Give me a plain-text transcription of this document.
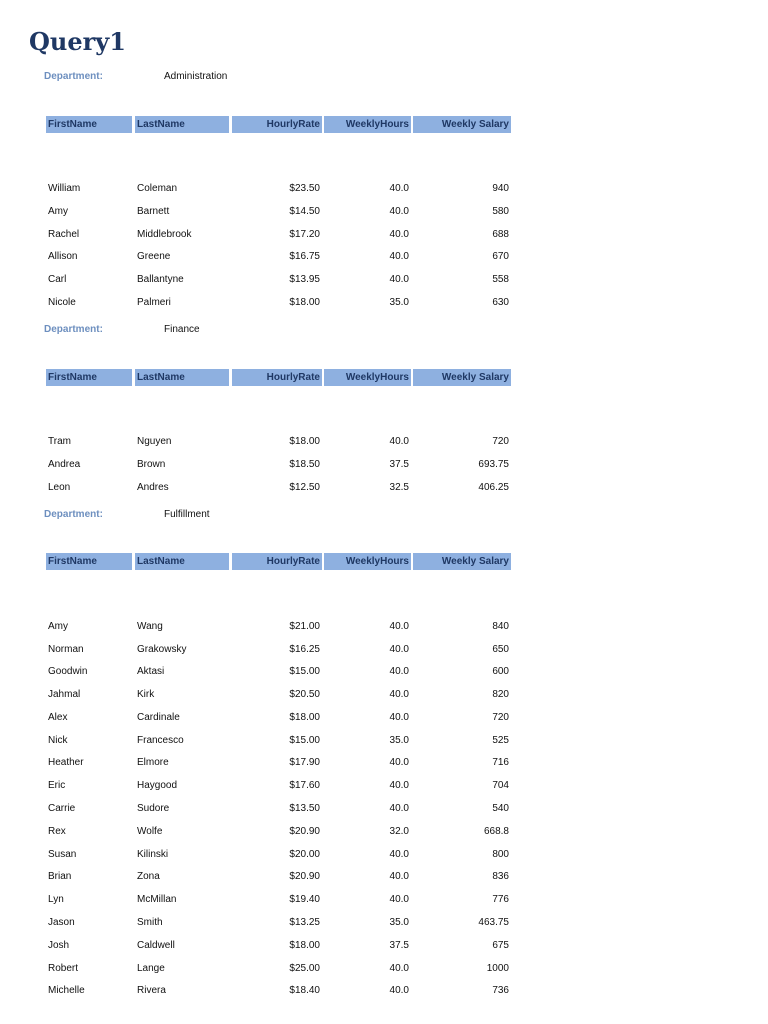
Query1
Department:	Administration
FirstName	LastName	HourlyRate	WeeklyHours	Weekly Salary
William	Coleman	$23.50	40.0	940
Amy	Barnett	$14.50	40.0	580
Rachel	Middlebrook	$17.20	40.0	688
Allison	Greene	$16.75	40.0	670
Carl	Ballantyne	$13.95	40.0	558
Nicole	Palmeri	$18.00	35.0	630
Department:	Finance
FirstName	LastName	HourlyRate	WeeklyHours	Weekly Salary
Tram	Nguyen	$18.00	40.0	720
Andrea	Brown	$18.50	37.5	693.75
Leon	Andres	$12.50	32.5	406.25
Department:	Fulfillment
FirstName	LastName	HourlyRate	WeeklyHours	Weekly Salary
Amy	Wang	$21.00	40.0	840
Norman	Grakowsky	$16.25	40.0	650
Goodwin	Aktasi	$15.00	40.0	600
Jahmal	Kirk	$20.50	40.0	820
Alex	Cardinale	$18.00	40.0	720
Nick	Francesco	$15.00	35.0	525
Heather	Elmore	$17.90	40.0	716
Eric	Haygood	$17.60	40.0	704
Carrie	Sudore	$13.50	40.0	540
Rex	Wolfe	$20.90	32.0	668.8
Susan	Kilinski	$20.00	40.0	800
Brian	Zona	$20.90	40.0	836
Lyn	McMillan	$19.40	40.0	776
Jason	Smith	$13.25	35.0	463.75
Josh	Caldwell	$18.00	37.5	675
Robert	Lange	$25.00	40.0	1000
Michelle	Rivera	$18.40	40.0	736
